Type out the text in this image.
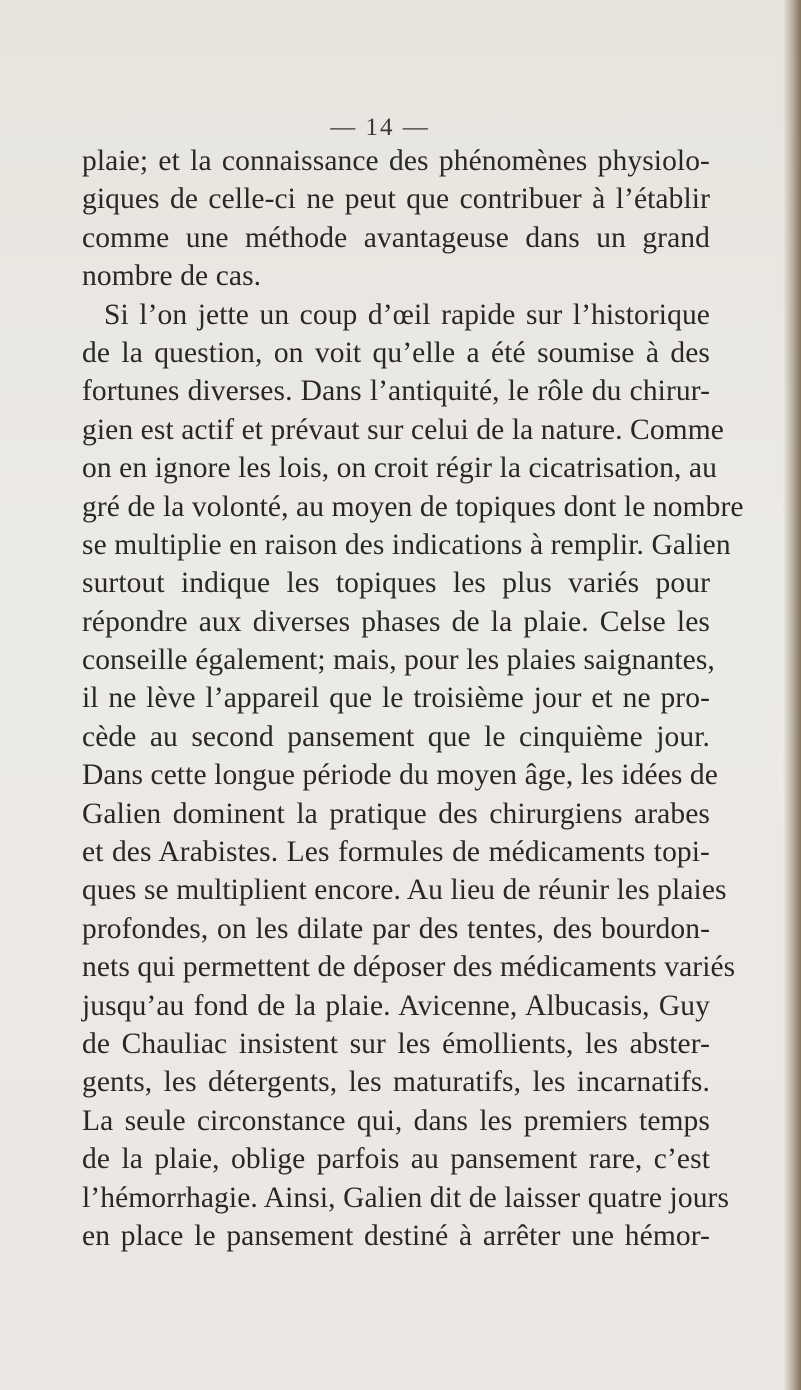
— 14 —
plaie; et la connaissance des phénomènes physiolo-
giques de celle-ci ne peut que contribuer à l’établir
comme une méthode avantageuse dans un grand
nombre de cas.
Si l’on jette un coup d’œil rapide sur l’historique
de la question, on voit qu’elle a été soumise à des
fortunes diverses. Dans l’antiquité, le rôle du chirur-
gien est actif et prévaut sur celui de la nature. Comme
on en ignore les lois, on croit régir la cicatrisation, au
gré de la volonté, au moyen de topiques dont le nombre
se multiplie en raison des indications à remplir. Galien
surtout indique les topiques les plus variés pour
répondre aux diverses phases de la plaie. Celse les
conseille également; mais, pour les plaies saignantes,
il ne lève l’appareil que le troisième jour et ne pro-
cède au second pansement que le cinquième jour.
Dans cette longue période du moyen âge, les idées de
Galien dominent la pratique des chirurgiens arabes
et des Arabistes. Les formules de médicaments topi-
ques se multiplient encore. Au lieu de réunir les plaies
profondes, on les dilate par des tentes, des bourdon-
nets qui permettent de déposer des médicaments variés
jusqu’au fond de la plaie. Avicenne, Albucasis, Guy
de Chauliac insistent sur les émollients, les abster-
gents, les détergents, les maturatifs, les incarnatifs.
La seule circonstance qui, dans les premiers temps
de la plaie, oblige parfois au pansement rare, c’est
l’hémorrhagie. Ainsi, Galien dit de laisser quatre jours
en place le pansement destiné à arrêter une hémor-
